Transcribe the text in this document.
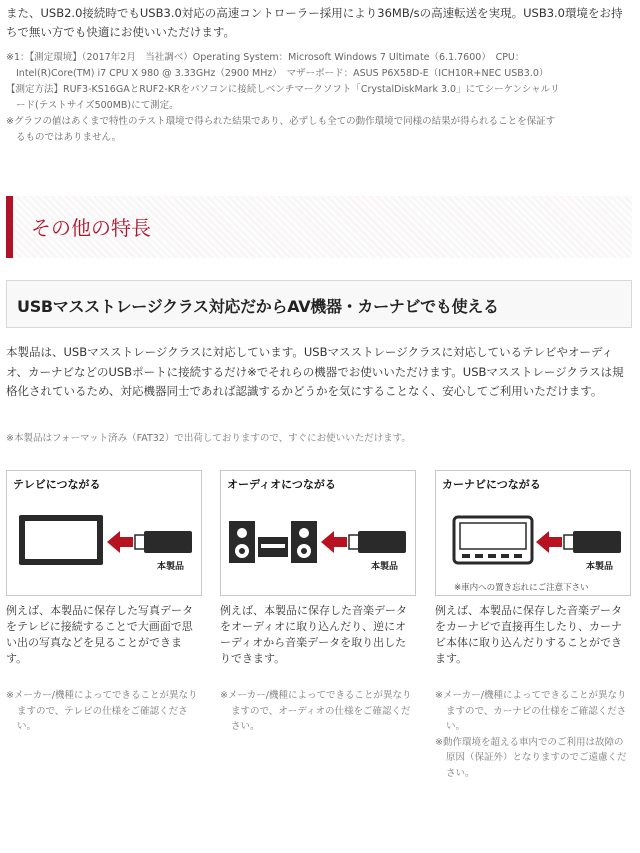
また、USB2.0接続時でもUSB3.0対応の高速コントローラー採用により36MB/sの高速転送を実現。USB3.0環境をお持ちで無い方でも快適にお使いいただけます。

※1：【測定環境】（2017年2月　当社調べ）Operating System：Microsoft Windows 7 Ultimate（6.1.7600）　CPU：

Intel(R)Core(TM) i7 CPU X 980 @ 3.33GHz（2900 MHz）　マザーボード：ASUS P6X58D-E（ICH10R+NEC USB3.0）

【測定方法】RUF3-KS16GAとRUF2-KRをパソコンに接続しベンチマークソフト「CrystalDiskMark 3.0」にてシーケンシャルリ

ード(テストサイズ500MB)にて測定。

※グラフの値はあくまで特性のテスト環境で得られた結果であり、必ずしも全ての動作環境で同様の結果が得られることを保証す

るものではありません。

その他の特長
USBマスストレージクラス対応だからAV機器・カーナビでも使える
本製品は、USBマスストレージクラスに対応しています。USBマスストレージクラスに対応しているテレビやオーディオ、カーナビなどのUSBポートに接続するだけ※でそれらの機器でお使いいただけます。USBマスストレージクラスは規格化されているため、対応機器同士であれば認識するかどうかを気にすることなく、安心してご利用いただけます。
※本製品はフォーマット済み（FAT32）で出荷しておりますので、すぐにお使いいただけます。
テレビにつながる
本製品
オーディオにつながる
本製品
カーナビにつながる
本製品
※車内への置き忘れにご注意下さい
例えば、本製品に保存した写真データをテレビに接続することで大画面で思い出の写真などを見ることができます。
例えば、本製品に保存した音楽データをオーディオに取り込んだり、逆にオーディオから音楽データを取り出したりできます。
例えば、本製品に保存した音楽データをカーナビで直接再生したり、カーナビ本体に取り込んだりすることができます。

※メーカー/機種によってできることが異なりますので、テレビの仕様をご確認ください。

※メーカー/機種によってできることが異なりますので、オーディオの仕様をご確認ください。

※メーカー/機種によってできることが異なりますので、カーナビの仕様をご確認ください。

※動作環境を超える車内でのご利用は故障の原因（保証外）となりますのでご遠慮ください。
